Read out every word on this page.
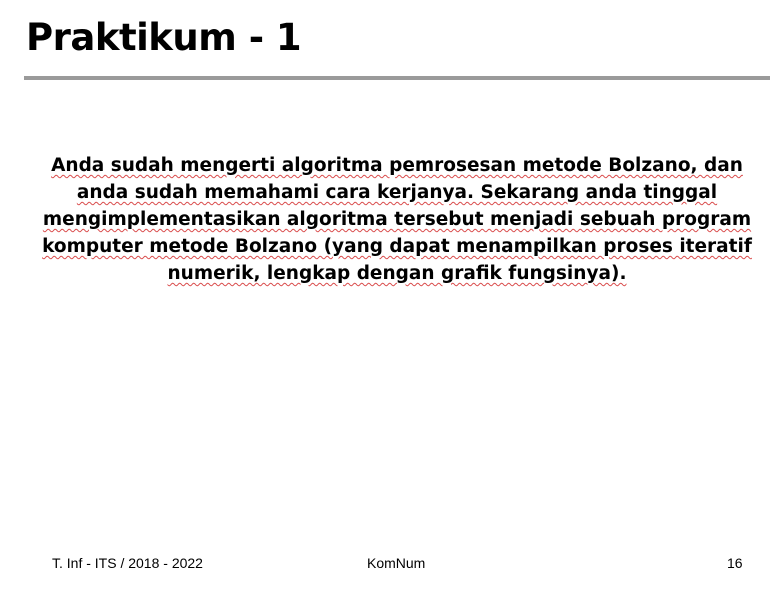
Praktikum - 1

Anda sudah mengerti algoritma pemrosesan metode Bolzano, dan anda sudah memahami cara kerjanya. Sekarang anda tinggal mengimplementasikan algoritma tersebut menjadi sebuah program komputer metode Bolzano (yang dapat menampilkan proses iteratif numerik, lengkap dengan grafik fungsinya).

T. Inf - ITS / 2018 - 2022	KomNum	16
